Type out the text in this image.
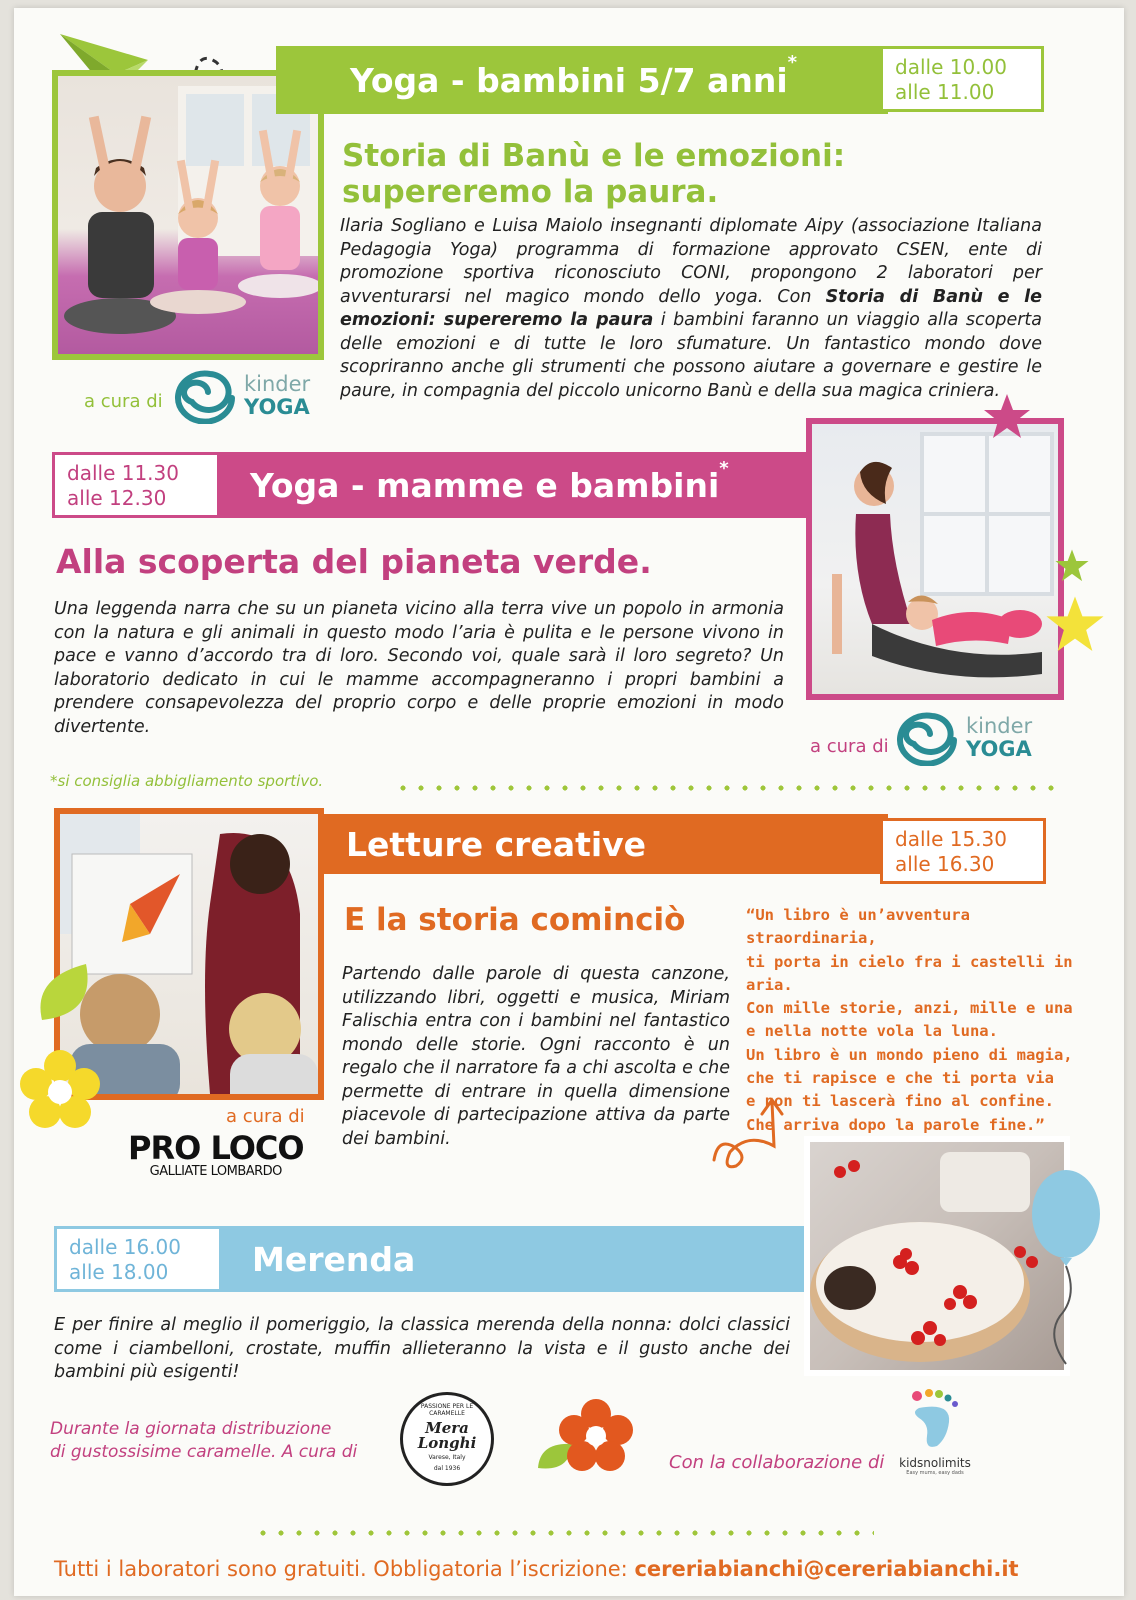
Yoga - bambini 5/7 anni*	dalle 10.00
alle 11.00
Storia di Banù e le emozioni:
supereremo la paura.
Ilaria Sogliano e Luisa Maiolo insegnanti diplomate Aipy (associazione Italiana Pedagogia Yoga) programma di formazione approvato CSEN, ente di promozione sportiva riconosciuto CONI, propongono 2 laboratori per avventurarsi nel magico mondo dello yoga. Con Storia di Banù e le emozioni: supereremo la paura i bambini faranno un viaggio alla scoperta delle emozioni e di tutte le loro sfumature. Un fantastico mondo dove scopriranno anche gli strumenti che possono aiutare a governare e gestire le paure, in compagnia del piccolo unicorno Banù e della sua magica criniera.
a cura di
kinder
YOGA
dalle 11.30
alle 12.30	Yoga - mamme e bambini*
Alla scoperta del pianeta verde.
Una leggenda narra che su un pianeta vicino alla terra vive un popolo in armonia con la natura e gli animali in questo modo l’aria è pulita e le persone vivono in pace e vanno d’accordo tra di loro. Secondo voi, quale sarà il loro segreto? Un laboratorio dedicato in cui le mamme accompagneranno i propri bambini a prendere consapevolezza del proprio corpo e delle proprie emozioni in modo divertente.
a cura di
kinder
YOGA
*si consiglia abbigliamento sportivo.
Letture creative	dalle 15.30
alle 16.30
E la storia cominciò
Partendo dalle parole di questa canzone, utilizzando libri, oggetti e musica, Miriam Falischia entra con i bambini nel fantastico mondo delle storie. Ogni racconto è un regalo che il narratore fa a chi ascolta e che permette di entrare in quella dimensione piacevole di partecipazione attiva da parte dei bambini.
“Un libro è un’avventura straordinaria,
ti porta in cielo fra i castelli in aria.
Con mille storie, anzi, mille e una
e nella notte vola la luna.
Un libro è un mondo pieno di magia,
che ti rapisce e che ti porta via
e non ti lascerà fino al confine.
Che arriva dopo la parole fine.”
a cura di
PRO LOCO
GALLIATE LOMBARDO
dalle 16.00
alle 18.00	Merenda
E per finire al meglio il pomeriggio, la classica merenda della nonna: dolci classici come i ciambelloni, crostate, muffin allieteranno la vista e il gusto anche dei bambini più esigenti!
Durante la giornata distribuzione
di gustossisime caramelle. A cura di
PASSIONE PER LE CARAMELLE
Mera
Longhi
Varese, Italy
dal 1936	Con la collaborazione di	kidsnolimits
Easy mums, easy dads
Tutti i laboratori sono gratuiti. Obbligatoria l’iscrizione: cereriabianchi@cereriabianchi.it
